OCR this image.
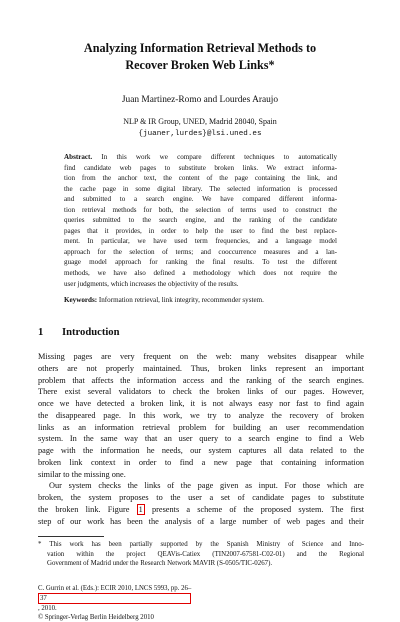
Analyzing Information Retrieval Methods to
Recover Broken Web Links*
Juan Martinez-Romo and Lourdes Araujo
NLP & IR Group, UNED, Madrid 28040, Spain
{juaner,lurdes}@lsi.uned.es
Abstract. In this work we compare different techniques to automatically
find candidate web pages to substitute broken links. We extract informa-
tion from the anchor text, the content of the page containing the link, and
the cache page in some digital library. The selected information is processed
and submitted to a search engine. We have compared different informa-
tion retrieval methods for both, the selection of terms used to construct the
queries submitted to the search engine, and the ranking of the candidate
pages that it provides, in order to help the user to find the best replace-
ment. In particular, we have used term frequencies, and a language model
approach for the selection of terms; and cooccurrence measures and a lan-
guage model approach for ranking the final results. To test the different
methods, we have also defined a methodology which does not require the
user judgments, which increases the objectivity of the results.
Keywords: Information retrieval, link integrity, recommender system.
1 Introduction
Missing pages are very frequent on the web: many websites disappear while
others are not properly maintained. Thus, broken links represent an important
problem that affects the information access and the ranking of the search engines.
There exist several validators to check the broken links of our pages. However,
once we have detected a broken link, it is not always easy nor fast to find again
the disappeared page. In this work, we try to analyze the recovery of broken
links as an information retrieval problem for building an user recommendation
system. In the same way that an user query to a search engine to find a Web
page with the information he needs, our system captures all data related to the
broken link context in order to find a new page that containing information
similar to the missing one.
Our system checks the links of the page given as input. For those which are
broken, the system proposes to the user a set of candidate pages to substitute
the broken link. Figure 1 presents a scheme of the proposed system. The first
step of our work has been the analysis of a large number of web pages and their
* This work has been partially supported by the Spanish Ministry of Science and Inno-
vation within the project QEAVis-Catiex (TIN2007-67581-C02-01) and the Regional
Government of Madrid under the Research Network MAVIR (S-0505/TIC-0267).
C. Gurrin et al. (Eds.): ECIR 2010, LNCS 5993, pp. 26–
37
, 2010.
© Springer-Verlag Berlin Heidelberg 2010
